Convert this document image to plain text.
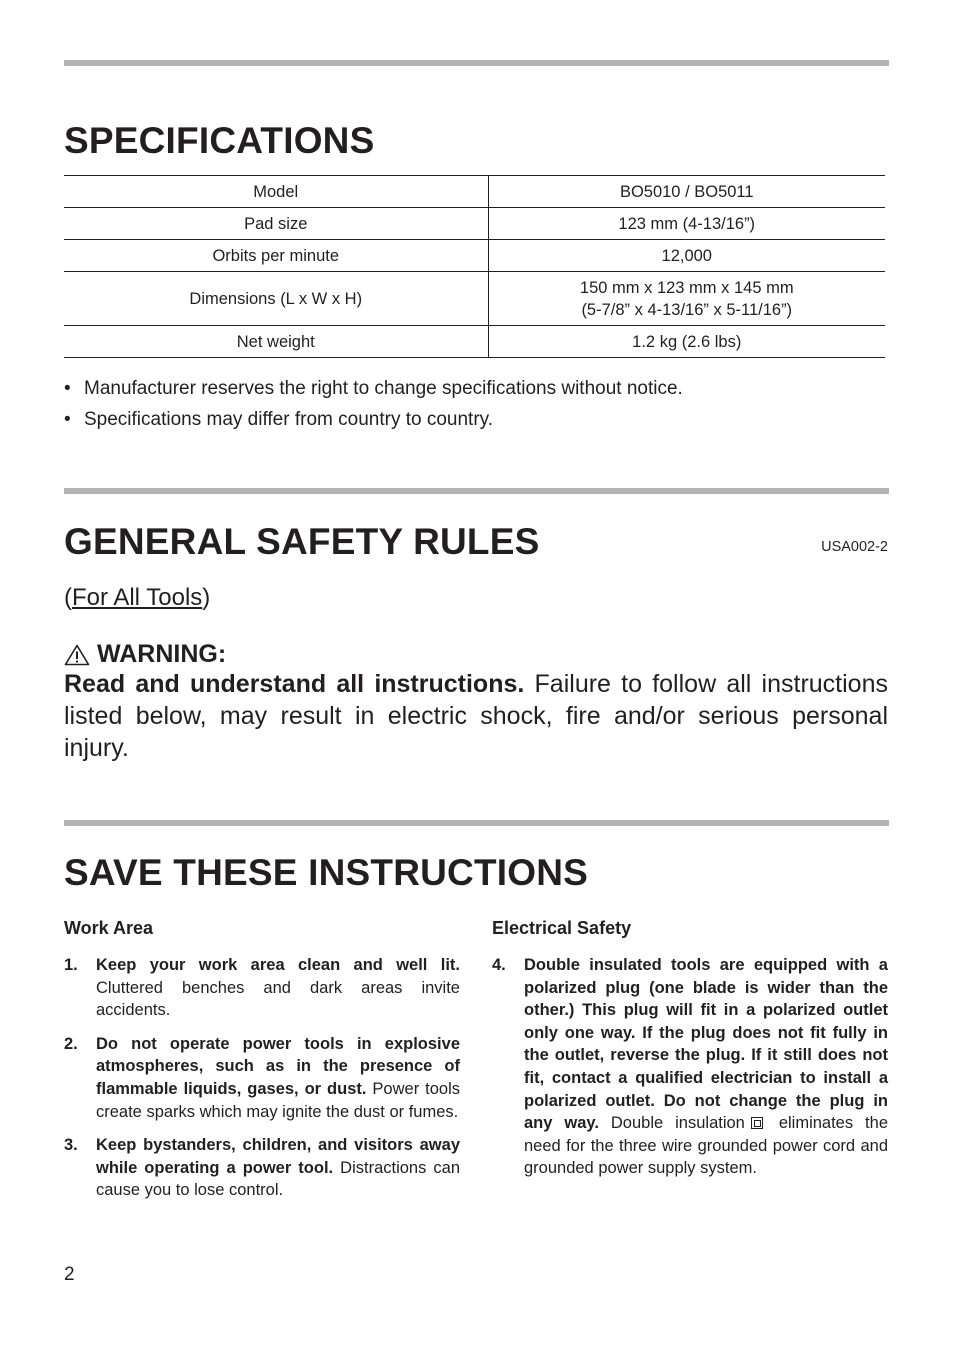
SPECIFICATIONS
Model	BO5010 / BO5011
Pad size	123 mm (4-13/16”)
Orbits per minute	12,000
Dimensions (L x W x H)	150 mm x 123 mm x 145 mm
(5-7/8” x 4-13/16” x 5-11/16”)

Net weight	1.2 kg (2.6 lbs)
• Manufacturer reserves the right to change specifications without notice.
• Specifications may differ from country to country.
GENERAL SAFETY RULES	USA002-2
(For All Tools)
WARNING:

Read and understand all instructions. Failure to follow all instructions listed below, may result in electric shock, fire and/or serious personal injury.

SAVE THESE INSTRUCTIONS
Work Area
1. Keep your work area clean and well lit. Cluttered benches and dark areas invite accidents.
2. Do not operate power tools in explosive atmospheres, such as in the presence of flammable liquids, gases, or dust. Power tools create sparks which may ignite the dust or fumes.
3. Keep bystanders, children, and visitors away while operating a power tool. Distractions can cause you to lose control.
Electrical Safety
4. Double insulated tools are equipped with a polarized plug (one blade is wider than the other.) This plug will fit in a polarized outlet only one way. If the plug does not fit fully in the outlet, reverse the plug. If it still does not fit, contact a qualified electrician to install a polarized outlet. Do not change the plug in any way. Double insulation eliminates the need for the three wire grounded power cord and grounded power supply system.
2
